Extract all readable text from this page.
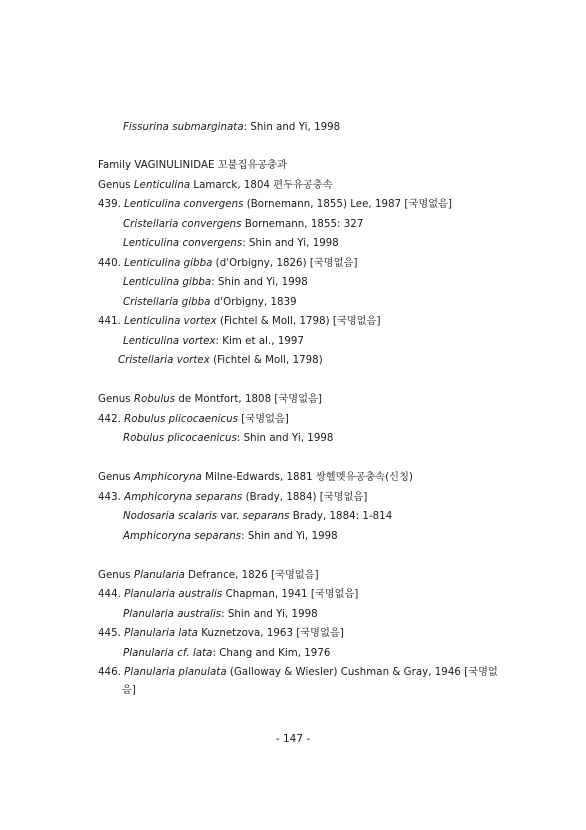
Fissurina submarginata: Shin and Yi, 1998
Family VAGINULINIDAE 꼬불집유공충과
Genus Lenticulina Lamarck, 1804 편두유공충속
439. Lenticulina convergens (Bornemann, 1855) Lee, 1987 [국명없음]
Cristellaria convergens Bornemann, 1855: 327
Lenticulina convergens: Shin and Yi, 1998
440. Lenticulina gibba (d'Orbigny, 1826) [국명없음]
Lenticulina gibba: Shin and Yi, 1998
Cristellaria gibba d'Orbigny, 1839
441. Lenticulina vortex (Fichtel & Moll, 1798) [국명없음]
Lenticulina vortex: Kim et al., 1997
Cristellaria vortex (Fichtel & Moll, 1798)
Genus Robulus de Montfort, 1808 [국명없음]
442. Robulus plicocaenicus [국명없음]
Robulus plicocaenicus: Shin and Yi, 1998
Genus Amphicoryna Milne-Edwards, 1881 쌍헬멧유공충속(신칭)
443. Amphicoryna separans (Brady, 1884) [국명없음]
Nodosaria scalaris var. separans Brady, 1884: 1-814
Amphicoryna separans: Shin and Yi, 1998
Genus Planularia Defrance, 1826 [국명없음]
444. Planularia australis Chapman, 1941 [국명없음]
Planularia australis: Shin and Yi, 1998
445. Planularia lata Kuznetzova, 1963 [국명없음]
Planularia cf. lata: Chang and Kim, 1976
446. Planularia planulata (Galloway & Wiesler) Cushman & Gray, 1946 [국명없
음]
- 147 -
